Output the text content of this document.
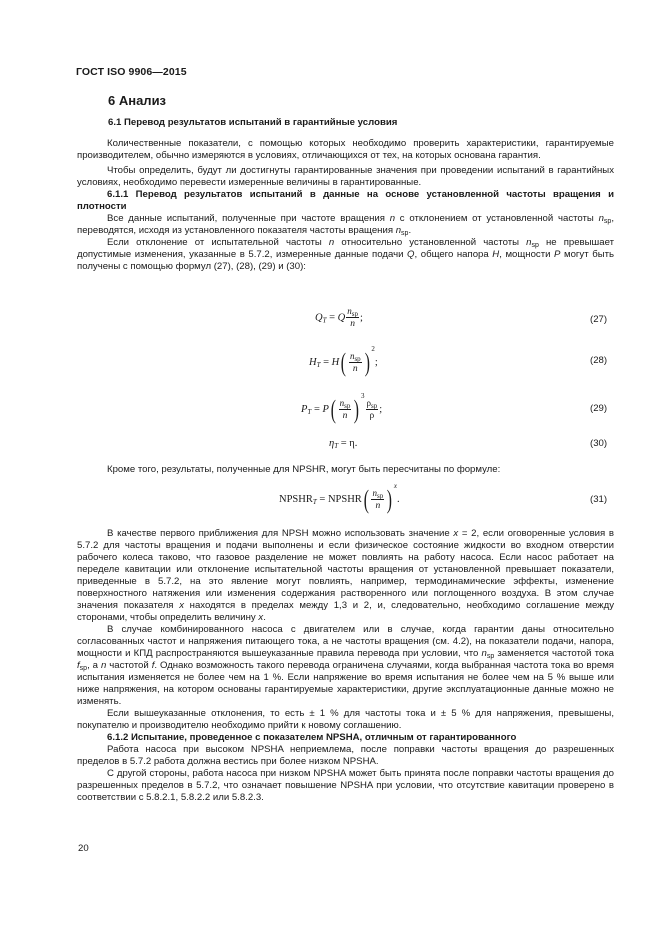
ГОСТ ISO 9906—2015
6 Анализ
6.1 Перевод результатов испытаний в гарантийные условия

Количественные показатели, с помощью которых необходимо проверить характеристики, гарантируемые производителем, обычно измеряются в условиях, отличающихся от тех, на которых основана гарантия.

Чтобы определить, будут ли достигнуты гарантированные значения при проведении испытаний в гарантийных условиях, необходимо перевести измеренные величины в гарантированные.

6.1.1 Перевод результатов испытаний в данные на основе установленной частоты вращения и плотности

Все данные испытаний, полученные при частоте вращения n с отклонением от установленной частоты $n_{sp}$, переводятся, исходя из установленного показателя частоты вращения $n_{sp}$.

Если отклонение от испытательной частоты n относительно установленной частоты $n_{sp}$ не превышает допустимые изменения, указанные в 5.7.2, измеренные данные подачи Q, общего напора H, мощности P могут быть получены с помощью формул (27), (28), (29) и (30):

$Q_T = Q \frac{n_{sp}}{n}$ ;	(27)
$H_T = H( \frac{n_{sp}}{n}$ ) $^2$;	(28)
$P_T = P( \frac{n_{sp}}{n}$ ) $^3$
$\frac{\rho_{sp}}{\rho}$ ;	(29)
$\eta_T = \eta$.	(30)

Кроме того, результаты, полученные для NPSHR, могут быть пересчитаны по формуле:

$NPSHR_T$ = NPSHR( $\frac{n_{sp}}{n}$ ) $^x$.	(31)

В качестве первого приближения для NPSH можно использовать значение x = 2, если оговоренные условия в 5.7.2 для частоты вращения и подачи выполнены и если физическое состояние жидкости во входном отверстии рабочего колеса таково, что газовое разделение не может повлиять на работу насоса. Если насос работает на переделе кавитации или отклонение испытательной частоты вращения от установленной превышает показатели, приведенные в 5.7.2, на это явление могут повлиять, например, термодинамические эффекты, изменение поверхностного натяжения или изменения содержания растворенного или поглощенного воздуха. В этом случае значения показателя x находятся в пределах между 1,3 и 2, и, следовательно, необходимо соглашение между сторонами, чтобы определить величину x.

В случае комбинированного насоса с двигателем или в случае, когда гарантии даны относительно согласованных частот и напряжения питающего тока, а не частоты вращения (см. 4.2), на показатели подачи, напора, мощности и КПД распространяются вышеуказанные правила перевода при условии, что $n_{sp}$ заменяется частотой тока $f_{sp}$, а n частотой f. Однако возможность такого перевода ограничена случаями, когда выбранная частота тока во время испытания изменяется не более чем на 1 %. Если напряжение во время испытания не более чем на 5 % выше или ниже напряжения, на котором основаны гарантируемые характеристики, другие эксплуатационные данные можно не изменять.

Если вышеуказанные отклонения, то есть ± 1 % для частоты тока и ± 5 % для напряжения, превышены, покупателю и производителю необходимо прийти к новому соглашению.

6.1.2 Испытание, проведенное с показателем NPSHA, отличным от гарантированного

Работа насоса при высоком NPSHA неприемлема, после поправки частоты вращения до разрешенных пределов в 5.7.2 работа должна вестись при более низком NPSHA.

С другой стороны, работа насоса при низком NPSHA может быть принята после поправки частоты вращения до разрешенных пределов в 5.7.2, что означает повышение NPSHA при условии, что отсутствие кавитации проверено в соответствии с 5.8.2.1, 5.8.2.2 или 5.8.2.3.

20
